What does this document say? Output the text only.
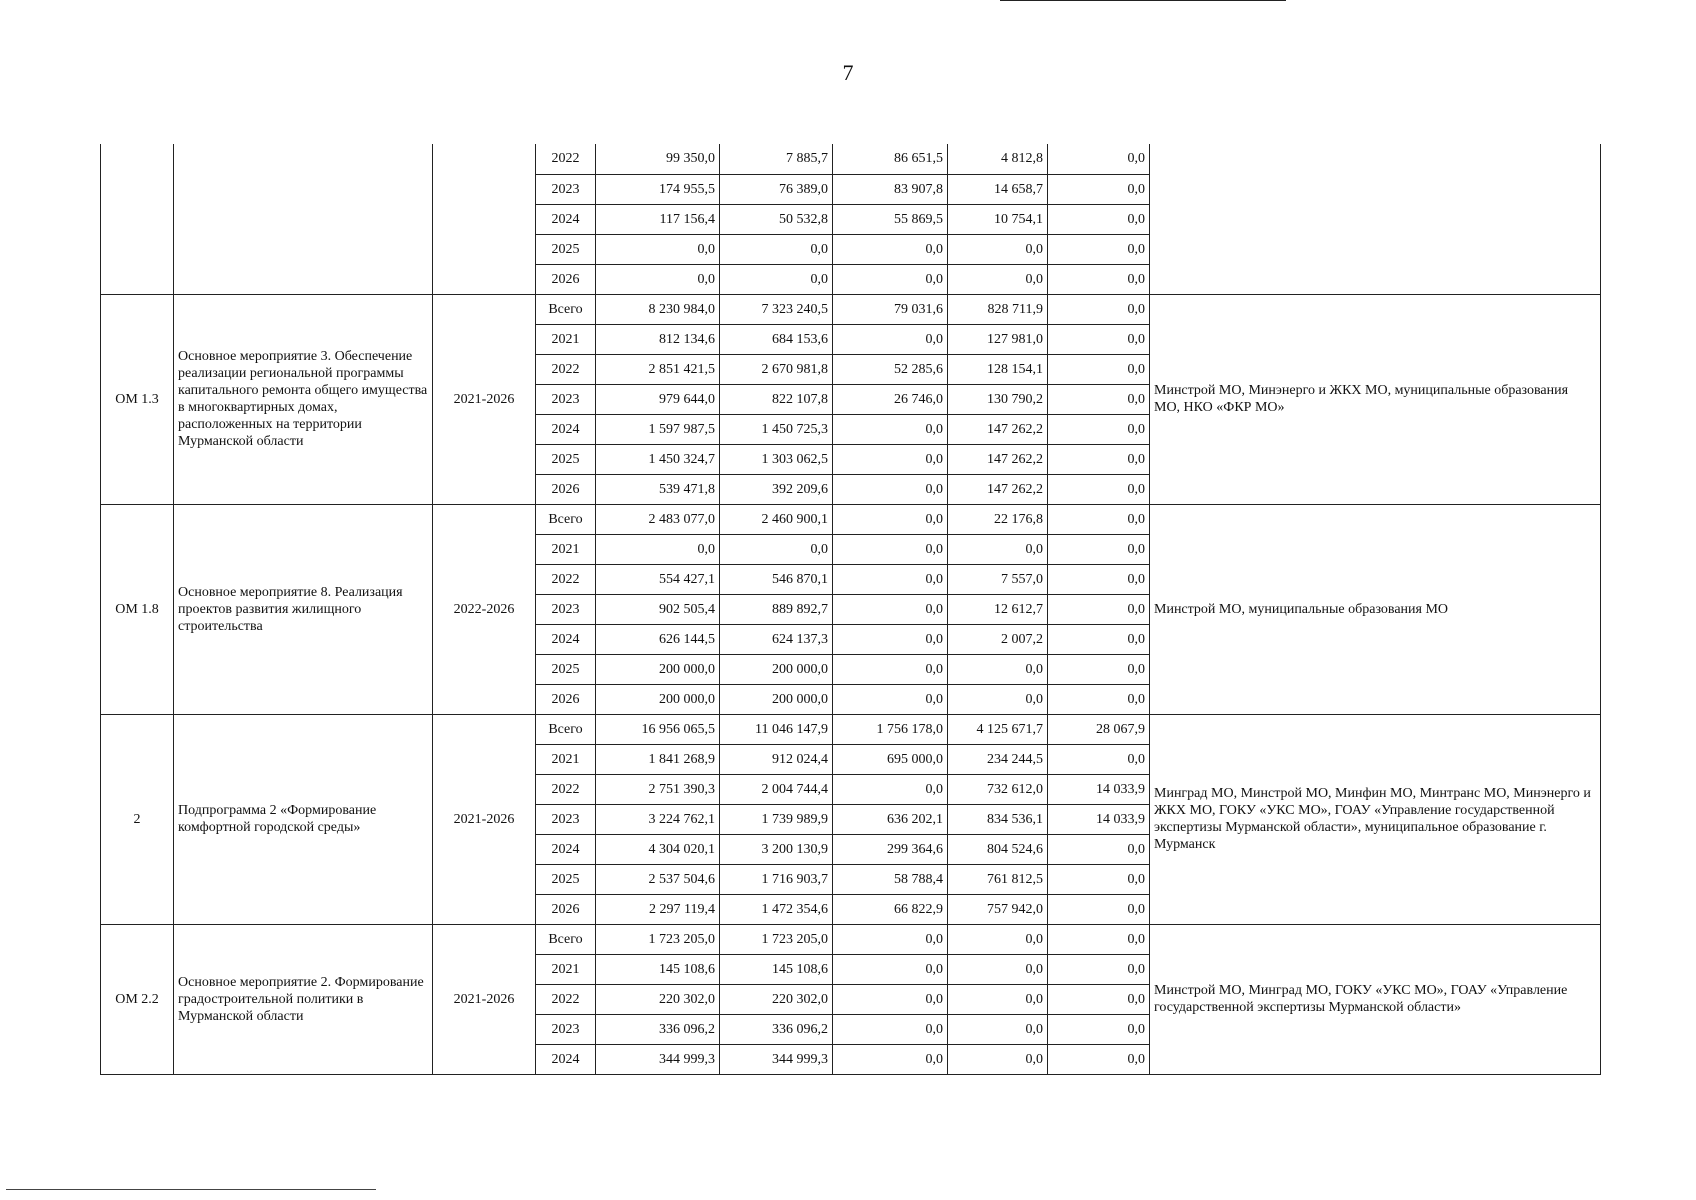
7
			2022	99 350,0	7 885,7	86 651,5	4 812,8	0,0	
			2023	174 955,5	76 389,0	83 907,8	14 658,7	0,0	
			2024	117 156,4	50 532,8	55 869,5	10 754,1	0,0	
			2025	0,0	0,0	0,0	0,0	0,0	
			2026	0,0	0,0	0,0	0,0	0,0	
ОМ 1.3	Основное мероприятие 3. Обеспечение реализации региональной программы капитального ремонта общего имущества в многоквартирных домах, расположенных на территории Мурманской области	2021-2026	Всего	8 230 984,0	7 323 240,5	79 031,6	828 711,9	0,0	Минстрой МО, Минэнерго и ЖКХ МО, муниципальные образования МО, НКО «ФКР МО»
			2021	812 134,6	684 153,6	0,0	127 981,0	0,0	
			2022	2 851 421,5	2 670 981,8	52 285,6	128 154,1	0,0	
			2023	979 644,0	822 107,8	26 746,0	130 790,2	0,0	
			2024	1 597 987,5	1 450 725,3	0,0	147 262,2	0,0	
			2025	1 450 324,7	1 303 062,5	0,0	147 262,2	0,0	
			2026	539 471,8	392 209,6	0,0	147 262,2	0,0	
ОМ 1.8	Основное мероприятие 8. Реализация проектов развития жилищного строительства	2022-2026	Всего	2 483 077,0	2 460 900,1	0,0	22 176,8	0,0	Минстрой МО, муниципальные образования МО
			2021	0,0	0,0	0,0	0,0	0,0	
			2022	554 427,1	546 870,1	0,0	7 557,0	0,0	
			2023	902 505,4	889 892,7	0,0	12 612,7	0,0	
			2024	626 144,5	624 137,3	0,0	2 007,2	0,0	
			2025	200 000,0	200 000,0	0,0	0,0	0,0	
			2026	200 000,0	200 000,0	0,0	0,0	0,0	
2	Подпрограмма 2 «Формирование комфортной городской среды»	2021-2026	Всего	16 956 065,5	11 046 147,9	1 756 178,0	4 125 671,7	28 067,9	Минград МО, Минстрой МО, Минфин МО, Минтранс МО, Минэнерго и ЖКХ МО, ГОКУ «УКС МО», ГОАУ «Управление государственной экспертизы Мурманской области», муниципальное образование г. Мурманск
			2021	1 841 268,9	912 024,4	695 000,0	234 244,5	0,0	
			2022	2 751 390,3	2 004 744,4	0,0	732 612,0	14 033,9	
			2023	3 224 762,1	1 739 989,9	636 202,1	834 536,1	14 033,9	
			2024	4 304 020,1	3 200 130,9	299 364,6	804 524,6	0,0	
			2025	2 537 504,6	1 716 903,7	58 788,4	761 812,5	0,0	
			2026	2 297 119,4	1 472 354,6	66 822,9	757 942,0	0,0	
ОМ 2.2	Основное мероприятие 2. Формирование градостроительной политики в Мурманской области	2021-2026	Всего	1 723 205,0	1 723 205,0	0,0	0,0	0,0	Минстрой МО, Минград МО, ГОКУ «УКС МО», ГОАУ «Управление государственной экспертизы Мурманской области»
			2021	145 108,6	145 108,6	0,0	0,0	0,0	
			2022	220 302,0	220 302,0	0,0	0,0	0,0	
			2023	336 096,2	336 096,2	0,0	0,0	0,0	
			2024	344 999,3	344 999,3	0,0	0,0	0,0	
